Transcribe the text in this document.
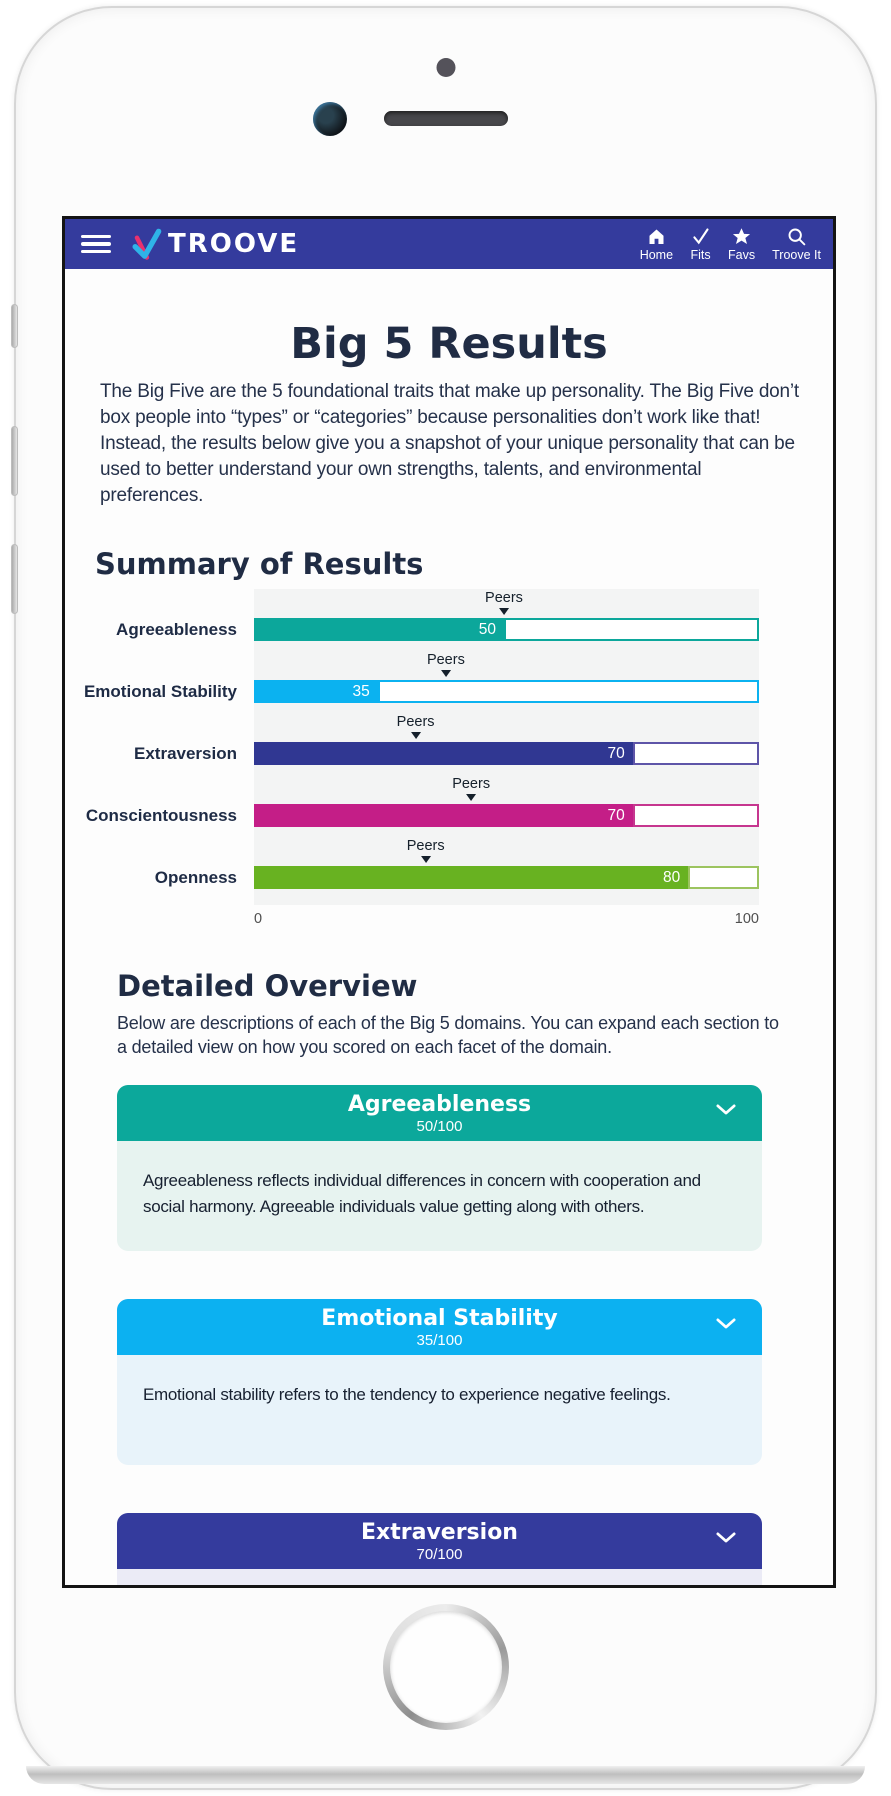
TROOVE	Home Fits Favs Troove It
Big 5 Results

The Big Five are the 5 foundational traits that make up personality. The Big Five don’t box people into “types” or “categories” because personalities don’t work like that! Instead, the results below give you a snapshot of your unique personality that can be used to better understand your own strengths, talents, and environmental preferences.

Summary of Results
Agreeableness
Peers
50
Emotional Stability
Peers
35
Extraversion
Peers
70
Conscientousness
Peers
70
Openness
Peers
80
0	100
Detailed Overview

Below are descriptions of each of the Big 5 domains. You can expand each section to a detailed view on how you scored on each facet of the domain.

Agreeableness
50/100

Agreeableness reflects individual differences in concern with cooperation and social harmony. Agreeable individuals value getting along with others.

Emotional Stability
35/100

Emotional stability refers to the tendency to experience negative feelings.

Extraversion
70/100
